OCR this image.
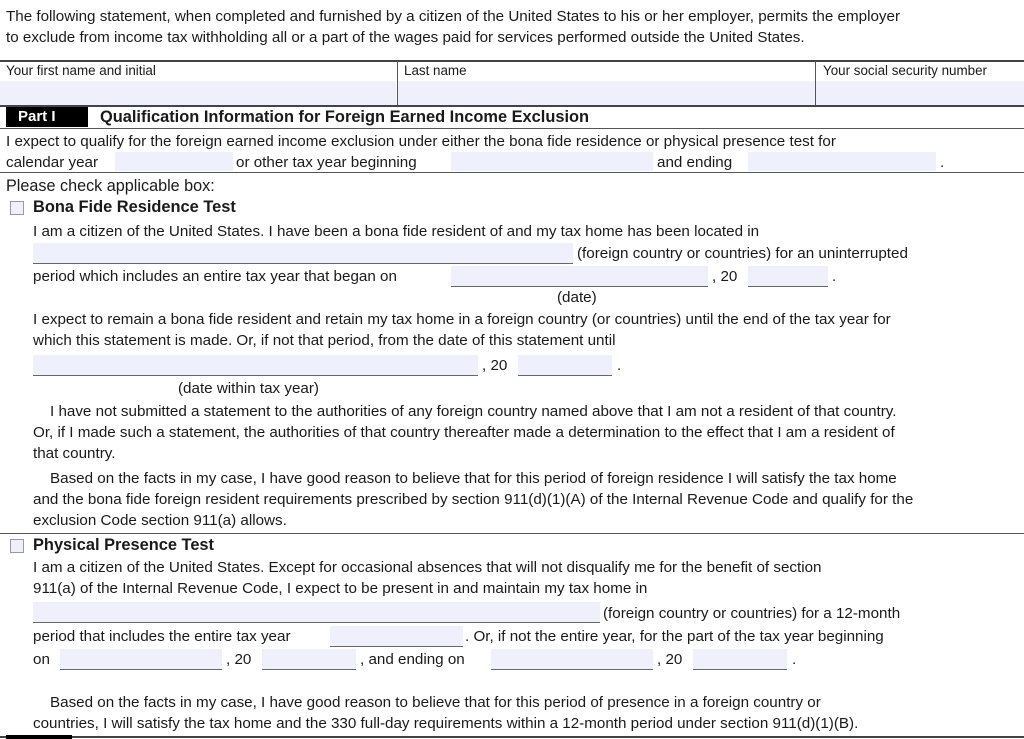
The following statement, when completed and furnished by a citizen of the United States to his or her employer, permits the employer
to exclude from income tax withholding all or a part of the wages paid for services performed outside the United States.
Your first name and initial	Last name	Your social security number
Part I	Qualification Information for Foreign Earned Income Exclusion
I expect to qualify for the foreign earned income exclusion under either the bona fide residence or physical presence test for
calendar year	or other tax year beginning	and ending	.
Please check applicable box:
Bona Fide Residence Test
I am a citizen of the United States. I have been a bona fide resident of and my tax home has been located in
(foreign country or countries) for an uninterrupted
period which includes an entire tax year that began on	, 20	.
(date)
I expect to remain a bona fide resident and retain my tax home in a foreign country (or countries) until the end of the tax year for
which this statement is made. Or, if not that period, from the date of this statement until
, 20	.
(date within tax year)
I have not submitted a statement to the authorities of any foreign country named above that I am not a resident of that country.
Or, if I made such a statement, the authorities of that country thereafter made a determination to the effect that I am a resident of
that country.
Based on the facts in my case, I have good reason to believe that for this period of foreign residence I will satisfy the tax home
and the bona fide foreign resident requirements prescribed by section 911(d)(1)(A) of the Internal Revenue Code and qualify for the
exclusion Code section 911(a) allows.
Physical Presence Test
I am a citizen of the United States. Except for occasional absences that will not disqualify me for the benefit of section
911(a) of the Internal Revenue Code, I expect to be present in and maintain my tax home in
(foreign country or countries) for a 12-month
period that includes the entire tax year	. Or, if not the entire year, for the part of the tax year beginning
on	, 20	, and ending on	, 20	.
Based on the facts in my case, I have good reason to believe that for this period of presence in a foreign country or
countries, I will satisfy the tax home and the 330 full-day requirements within a 12-month period under section 911(d)(1)(B).
